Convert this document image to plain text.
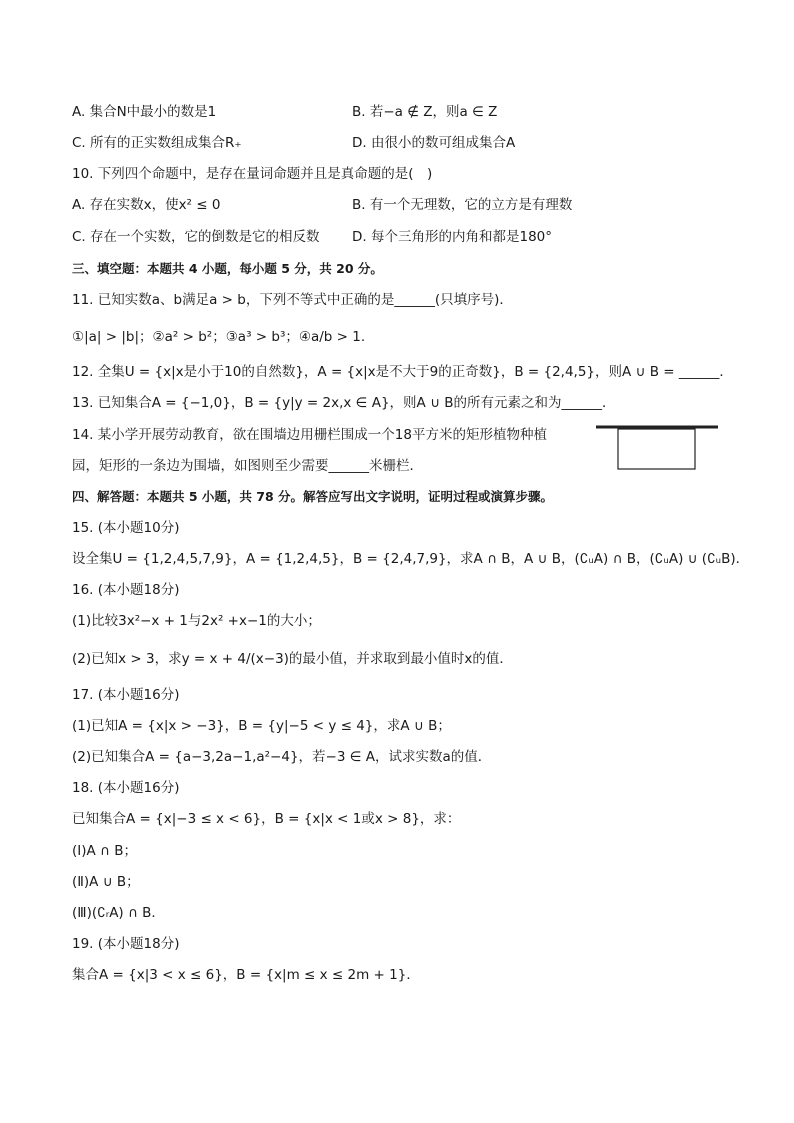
A. 集合N中最小的数是1	B. 若−a ∉ Z，则a ∈ Z
C. 所有的正实数组成集合R₊	D. 由很小的数可组成集合A
10. 下列四个命题中，是存在量词命题并且是真命题的是(　)
A. 存在实数x，使x² ≤ 0	B. 有一个无理数，它的立方是有理数
C. 存在一个实数，它的倒数是它的相反数 D. 每个三角形的内角和都是180°
三、填空题：本题共 4 小题，每小题 5 分，共 20 分。
11. 已知实数a、b满足a > b，下列不等式中正确的是______(只填序号)．
①|a| > |b|；②a² > b²；③a³ > b³；④a/b > 1.
12. 全集U = {x|x是小于10的自然数}，A = {x|x是不大于9的正奇数}，B = {2,4,5}，则A ∪ B = ______．
13. 已知集合A = {−1,0}，B = {y|y = 2x,x ∈ A}，则A ∪ B的所有元素之和为______．
14. 某小学开展劳动教育，欲在围墙边用栅栏围成一个18平方米的矩形植物种植
园，矩形的一条边为围墙，如图则至少需要______米栅栏．
四、解答题：本题共 5 小题，共 78 分。解答应写出文字说明，证明过程或演算步骤。
15. (本小题10分)
设全集U = {1,2,4,5,7,9}，A = {1,2,4,5}，B = {2,4,7,9}，求A ∩ B，A ∪ B，(∁ᵤA) ∩ B，(∁ᵤA) ∪ (∁ᵤB)．
16. (本小题18分)
(1)比较3x²−x + 1与2x² +x−1的大小；
(2)已知x > 3，求y = x + 4/(x−3)的最小值，并求取到最小值时x的值．
17. (本小题16分)
(1)已知A = {x|x > −3}，B = {y|−5 < y ≤ 4}，求A ∪ B；
(2)已知集合A = {a−3,2a−1,a²−4}，若−3 ∈ A，试求实数a的值．
18. (本小题16分)
已知集合A = {x|−3 ≤ x < 6}，B = {x|x < 1或x > 8}，求：
(Ⅰ)A ∩ B；
(Ⅱ)A ∪ B；
(Ⅲ)(∁ᵣA) ∩ B．
19. (本小题18分)
集合A = {x|3 < x ≤ 6}，B = {x|m ≤ x ≤ 2m + 1}．
